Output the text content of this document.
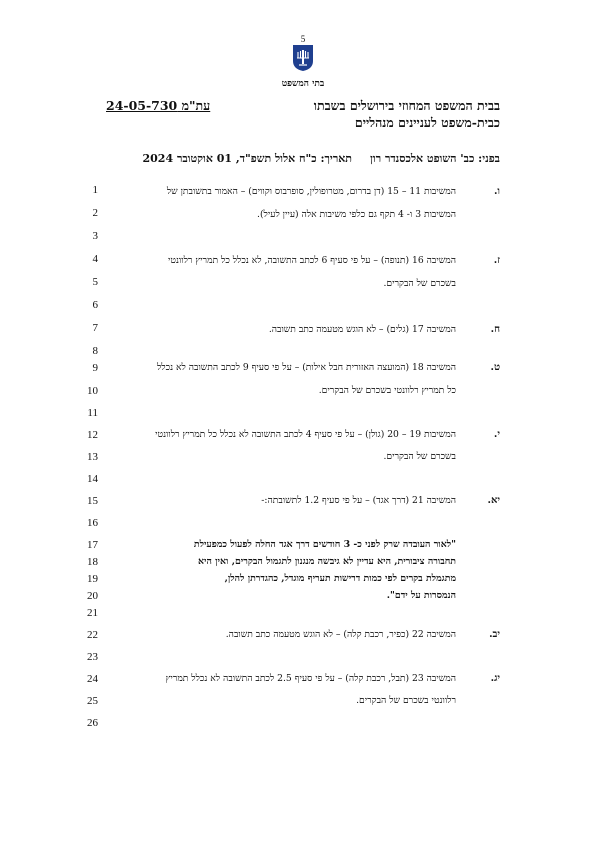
5
בתי המשפט
בבית המשפט המחוזי בירושלים בשבתו
כבית-משפט לעניינים מנהליים
עת"מ 24-05-730
בפני: כב' השופט אלכסנדר רון
תאריך: כ"ח אלול תשפ"ד, 01 אוקטובר 2024
1
2
3
4
5
6
7
8
9
10
11
12
13
14
15
16
17
18
19
20
21
22
23
24
25
26
ו.
המשיבות 11 – 15 (דן בדרום, מטרופולין, סופרבוס וקווים) – האמור בתשובתן של
המשיבות 3 ו- 4 תקף גם כלפי משיבות אלה (עיין לעיל).
ז.
המשיבה 16 (תנופה) – על פי סעיף 6 לכתב התשובה, לא נכלל כל תמריץ רלוונטי
בשכרם של הבקרים.
ח.
המשיבה 17 (גלים) – לא הוגש מטעמה כתב תשובה.
ט.
המשיבה 18 (המועצה האזורית חבל אילות) – על פי סעיף 9 לכתב התשובה לא נכלל
כל תמריץ רלוונטי בשכרם של הבקרים.
י.
המשיבות 19 – 20 (גולן) – על פי סעיף 4 לכתב התשובה לא נכלל כל תמריץ רלוונטי
בשכרם של הבקרים.
יא.
המשיבה 21 (דרך אגד) – על פי סעיף 1.2 לתשובתה:-
"לאור העובדה שרק לפני כ- 3 חודשים דרך אגד החלה לפעול כמפעילת
תחבורה ציבורית, היא עדיין לא גיבשה מנגנון לתגמול הבקרים, ואין היא
מתגמלת בקרים לפי כמות דרישות תעריף מוגדל, כהגדרתן להלן,
הנמסרות על ידם".
יב.
המשיבה 22 (כפיר, רכבת קלה) – לא הוגש מטעמה כתב תשובה.
יג.
המשיבה 23 (תבל, רכבת קלה) – על פי סעיף 2.5 לכתב התשובה לא נכלל תמריץ
רלוונטי בשכרם של הבקרים.
